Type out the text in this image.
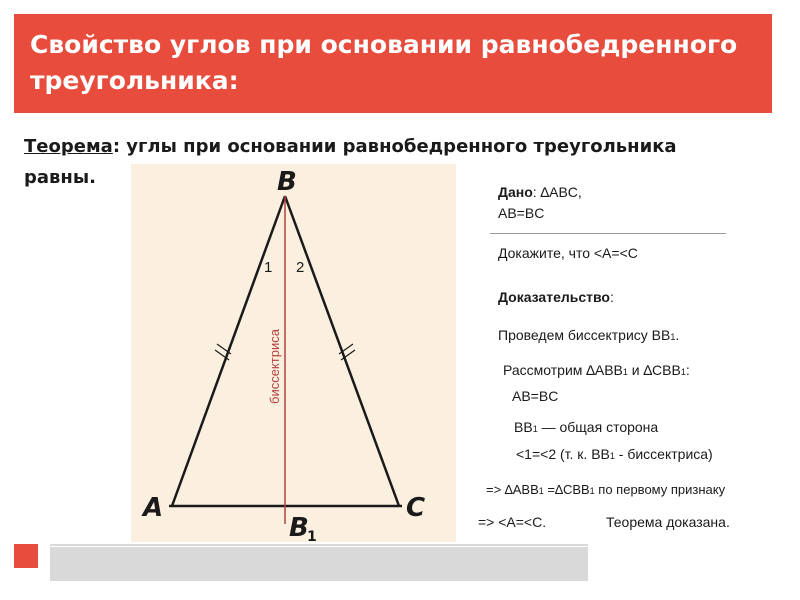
Свойство углов при основании равнобедренного
треугольника:
Теорема: углы при основании равнобедренного треугольника
равны.	B
A	C
B
1
1 2
биссектриса
Дано: ∆ABC,
AB=BC
Докажите, что <A=<C
Доказательство:
Проведем биссектрису BB1.
Рассмотрим ∆ABB1 и ∆CBB1:
AB=BC
BB1 — общая сторона
<1=<2 (т. к. BB1 - биссектриса)
=> ∆ABB1 =∆CBB1 по первому признаку
=> <A=<C.	Теорема доказана.
